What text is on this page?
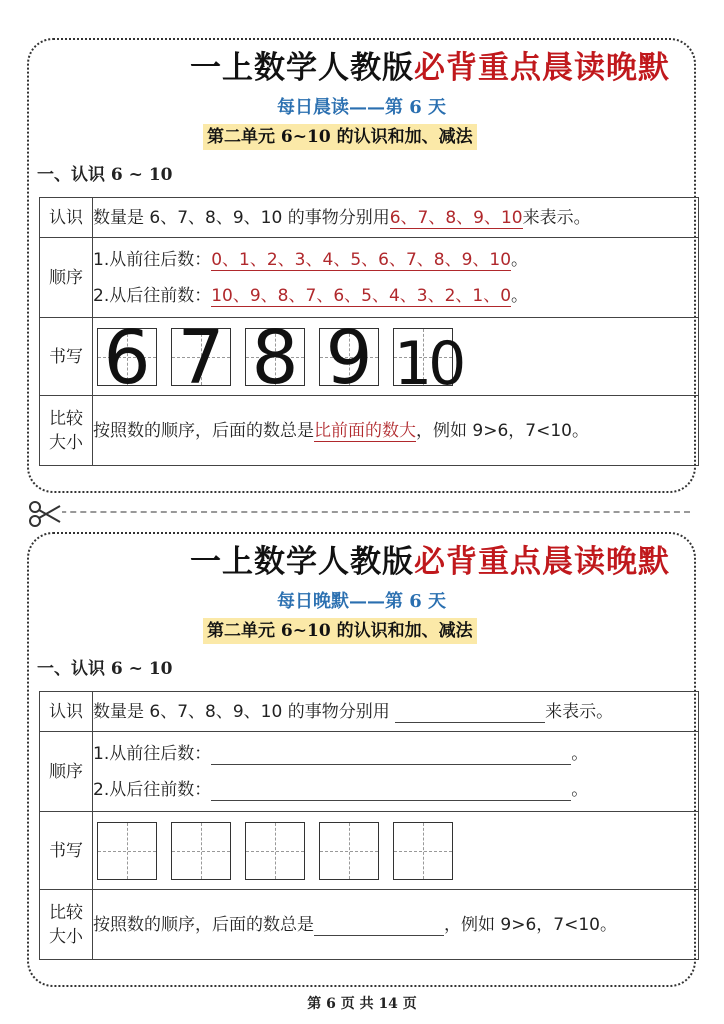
一上数学人教版必背重点晨读晚默
每日晨读——第 6 天
第二单元 6~10 的认识和加、减法
一、认识 6 ~ 10
认识	数量是 6、7、8、9、10 的事物分别用6、7、8、9、10来表示。
顺序	1.从前往后数：0、1、2、3、4、5、6、7、8、9、10。
2.从后往前数：10、9、8、7、6、5、4、3、2、1、0。

书写	6 7 8 9 10

比较
大小	按照数的顺序，后面的数总是比前面的数大，例如 9>6，7<10。
一上数学人教版必背重点晨读晚默
每日晚默——第 6 天
第二单元 6~10 的认识和加、减法
一、认识 6 ~ 10
认识	数量是 6、7、8、9、10 的事物分别用 来表示。
顺序	1.从前往后数： 。
2.从后往前数： 。

书写	

比较
大小	按照数的顺序，后面的数总是 ，例如 9>6，7<10。
第 6 页 共 14 页
